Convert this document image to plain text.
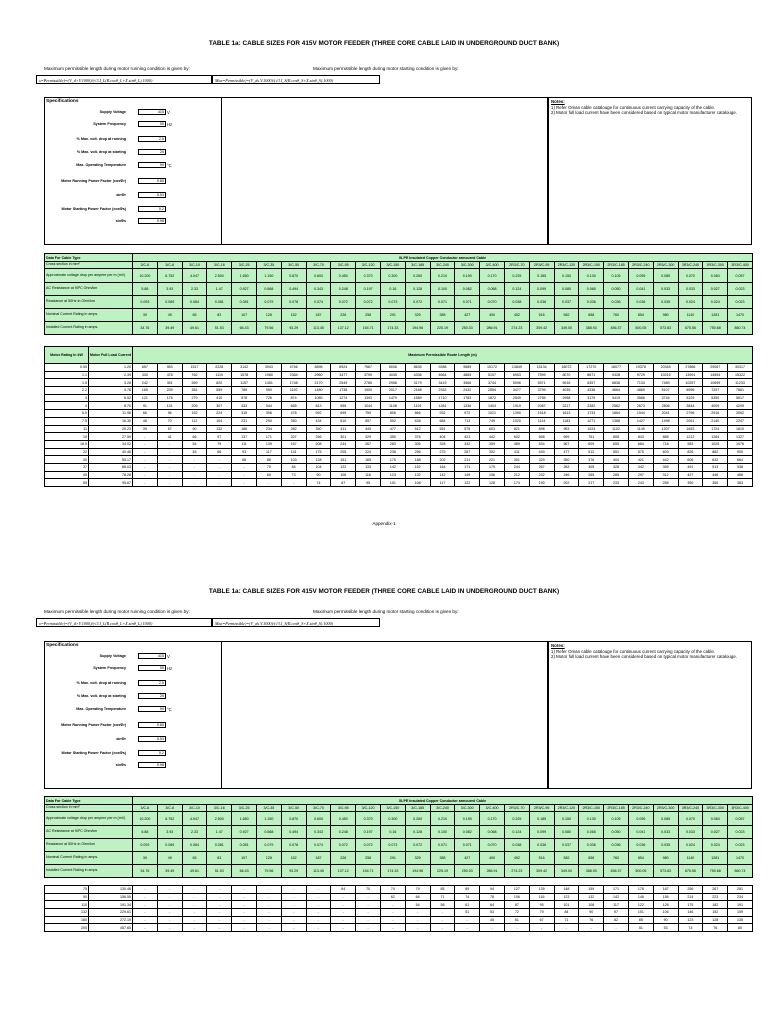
TABLE 1a: CABLE SIZES FOR 415V MOTOR FEEDER (THREE CORE CABLE LAID IN UNDERGROUND DUCT BANK)
Maximum permissible length during motor running condition is given by:	Maximum permissible length during motor starting condition is given by:
x=Permissible)=(V_d×V.1000)/(√3.I_L(R.cosθ_L+X.sinθ_L).1000)	Max=Permissible)=(V_ds.V.1000)/(√3.I_S(R.cosθ_S+X.sinθ_S).1000)
Specifications
Supply Voltage	415 V
System Frequency	50 Hz
% Max. volt. drop at running	2.5
% Max. volt. drop at starting	20
Max. Operating Temperature	90 °C
Motor Running Power Factor (cosΦr)	0.85
sinΦr	0.53
Motor Starting Power Factor (cosΦs)	0.2
sinΦs	0.98
Notes:
1) Refer Oman cable catalouge for continuous current carrying capacity of the cable.
2) Motor full load current have been considered based on typical motor manufacturer catalouge.
Data For Cable Type	XLPE Insulated Copper Conductor armoured Cable																								
Cross section in mm²	3/C-6	3/C-6	3/C-10	3/C-16	3/C-25	3/C-35	3/C-50	3/C-70	3/C-95	3/C-120	3/C-150	3/C-185	3/C-240	3/C-300	3/C-400	2R3/C-70	2R3/C-95	2R3/C-120	2R3/C-150	2R3/C-185	2R3/C-240	2R3/C-300	3R3/C-240	3R3/C-300	3R3/C-400
Approximate voltage drop per ampere per m (mV)	10.200	6.752	4.047	2.500	1.650	1.150	0.870	0.600	0.450	0.370	0.300	0.260	0.210	0.190	0.170	0.225	0.185	0.150	0.130	0.105	0.095	0.085	0.070	0.063	0.057
AC Resistance at 90ºC Ohm/km	5.88	3.93	2.33	1.47	0.927	0.668	0.494	0.343	0.248	0.197	0.16	0.128	0.100	0.082	0.068	0.124	0.099	0.080	0.065	0.050	0.041	0.033	0.033	0.027	0.023
Reactance at 50Hz in Ohm/km	0.093	0.089	0.084	0.081	0.081	0.079	0.078	0.074	0.072	0.072	0.073	0.072	0.071	0.071	0.070	0.038	0.036	0.037	0.036	0.036	0.036	0.035	0.024	0.024	0.023
Nominal Current Rating in amps.	39	49	65	83	107	128	152	187	226	258	291	329	385	427	490	452	516	582	658	760	854	980	1140	1281	1470
Installed Current Rating in amps.	34.76	39.49	49.61	51.53	66.43	79.56	93.29	113.45	137.12	154.71	174.33	194.96	225.19	250.03	286.91	274.23	309.42	349.00	388.93	456.37	500.05	573.83	675.56	750.68	860.74
Motor Rating in kW	Motor Full Load Current	Maximum Permissible Route Length (m)																								
0.55	1.20	657	953	1517	2228	3142	3943	4746	5896	6924	7567	8036	8635	9288	9689	10172	13849	15134	18072	17270	18077	19378	20345	27866	29067	30317
1.1	2.39	330	478	762	1119	1578	1980	2384	2960	3477	3799	4035	4336	4664	4865	5107	6953	7599	8070	8671	9328	9729	10215	13991	14594	15322
1.5	3.28	242	351	559	820	1157	1451	1748	2170	2549	2785	2958	3179	3419	3566	3744	5096	5571	5916	6357	6838	7133	7489	10257	10699	11233
2.2	4.78	165	239	381	559	789	990	1192	1480	1738	1900	2017	2168	2332	2432	2554	3477	3799	4035	4336	4664	4865	5107	6996	7297	7661
3	6.52	121	175	279	410	578	726	874	1085	1274	1393	1479	1589	1710	1783	1872	2549	2785	2958	3179	3419	3566	3744	5129	5350	5617
4	8.70	91	131	209	307	433	544	655	813	955	1044	1108	1191	1281	1336	1403	1910	2087	2217	2382	2562	2673	2806	3844	4009	4209
5.5	11.96	66	96	152	224	315	396	476	592	695	759	806	866	932	972	1021	1390	1518	1613	1733	1864	1944	2041	2796	2916	3062
7.5	16.30	48	70	112	164	231	290	350	434	510	557	592	636	684	713	749	1020	1114	1183	1271	1368	1427	1498	2051	2140	2247
11	20.23	39	57	90	132	186	234	282	350	411	449	477	512	551	575	603	821	898	953	1024	1102	1149	1207	1653	1724	1810
15	27.59	-	41	66	97	137	171	207	256	301	329	350	376	404	421	442	602	658	699	751	808	843	885	1212	1264	1327
18.5	34.02	-	-	54	79	111	139	167	208	244	267	283	305	328	342	359	489	534	567	609	655	684	718	983	1025	1076
22	40.46	-	-	45	66	93	117	141	175	205	224	238	256	275	287	302	411	449	477	512	551	575	603	826	862	905
30	55.17	-	-	-	-	68	86	103	128	151	165	175	188	202	211	221	301	329	350	376	404	421	442	606	632	664
37	68.03	-	-	-	-	-	70	84	104	122	133	142	152	164	171	179	244	267	283	305	328	342	359	491	513	538
45	78.28	-	-	-	-	-	60	73	90	106	116	123	132	142	149	156	212	232	246	265	285	297	312	427	446	468
55	95.67	-	-	-	-	-	-	-	74	87	95	101	108	117	122	128	174	190	202	217	233	243	255	350	365	383
Appendix-1
TABLE 1a: CABLE SIZES FOR 415V MOTOR FEEDER (THREE CORE CABLE LAID IN UNDERGROUND DUCT BANK)
Maximum permissible length during motor running condition is given by:	Maximum permissible length during motor starting condition is given by:
x=Permissible)=(V_d×V.1000)/(√3.I_L(R.cosθ_L+X.sinθ_L).1000)	Max=Permissible)=(V_ds.V.1000)/(√3.I_S(R.cosθ_S+X.sinθ_S).1000)
Specifications
Supply Voltage	415 V
System Frequency	50 Hz
% Max. volt. drop at running	2.5
% Max. volt. drop at starting	20
Max. Operating Temperature	90 °C
Motor Running Power Factor (cosΦr)	0.85
sinΦr	0.53
Motor Starting Power Factor (cosΦs)	0.2
sinΦs	0.98
Notes:
1) Refer Oman cable catalouge for continuous current carrying capacity of the cable.
2) Motor full load current have been considered based on typical motor manufacturer catalouge.
Data For Cable Type	XLPE Insulated Copper Conductor armoured Cable																								
Cross section in mm²	3/C-6	3/C-6	3/C-10	3/C-16	3/C-25	3/C-35	3/C-50	3/C-70	3/C-95	3/C-120	3/C-150	3/C-185	3/C-240	3/C-300	3/C-400	2R3/C-70	2R3/C-95	2R3/C-120	2R3/C-150	2R3/C-185	2R3/C-240	2R3/C-300	3R3/C-240	3R3/C-300	3R3/C-400
Approximate voltage drop per ampere per m (mV)	10.200	6.752	4.047	2.500	1.650	1.150	0.870	0.600	0.450	0.370	0.300	0.260	0.210	0.190	0.170	0.225	0.185	0.150	0.130	0.105	0.095	0.085	0.070	0.063	0.057
AC Resistance at 90ºC Ohm/km	5.88	3.93	2.33	1.47	0.927	0.668	0.494	0.343	0.248	0.197	0.16	0.128	0.100	0.082	0.068	0.124	0.099	0.080	0.065	0.050	0.041	0.033	0.033	0.027	0.023
Reactance at 50Hz in Ohm/km	0.093	0.089	0.084	0.081	0.081	0.079	0.078	0.074	0.072	0.072	0.073	0.072	0.071	0.071	0.070	0.038	0.036	0.037	0.036	0.036	0.036	0.035	0.024	0.024	0.023
Nominal Current Rating in amps.	39	49	65	83	107	128	152	187	226	258	291	329	385	427	490	452	516	582	658	760	854	980	1140	1281	1470
Installed Current Rating in amps.	34.76	39.49	49.61	51.53	66.43	79.56	93.29	113.45	137.12	154.71	174.33	194.96	225.19	250.03	286.91	274.23	309.42	349.00	388.93	456.37	500.05	573.83	675.56	750.68	860.74
75	130.46	-	-	-	-	-	-	-	-	64	70	74	79	85	89	94	127	139	148	159	171	178	187	256	267	281
90	156.55	-	-	-	-	-	-	-	-	-	-	62	66	71	74	78	106	116	123	132	142	148	156	214	223	234
110	191.34	-	-	-	-	-	-	-	-	-	-	-	54	58	61	64	87	95	101	108	117	122	128	175	182	191
132	229.61	-	-	-	-	-	-	-	-	-	-	-	-	-	51	53	72	79	84	90	97	101	106	146	152	159
160	272.19	-	-	-	-	-	-	-	-	-	-	-	-	-	-	45	61	67	71	76	82	85	90	123	128	135
200	457.65	-	-	-	-	-	-	-	-	-	-	-	-	-	-	-	-	-	-	-	-	51	53	73	76	80
